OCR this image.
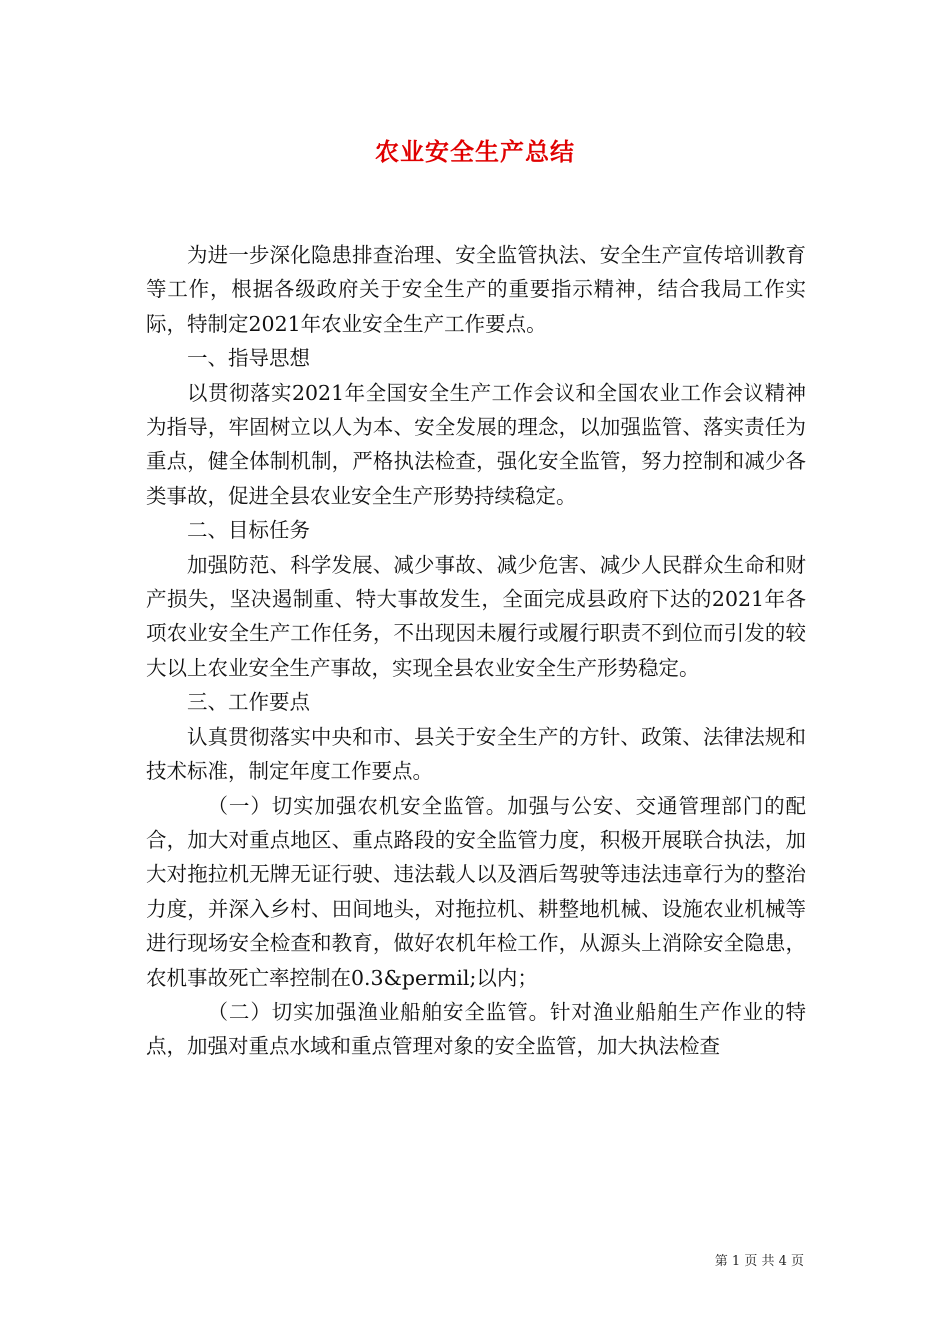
农业安全生产总结

为进一步深化隐患排查治理、安全监管执法、安全生产宣传培训教育等工作，根据各级政府关于安全生产的重要指示精神，结合我局工作实际，特制定2021年农业安全生产工作要点。

一、指导思想

以贯彻落实2021年全国安全生产工作会议和全国农业工作会议精神为指导，牢固树立以人为本、安全发展的理念，以加强监管、落实责任为重点，健全体制机制，严格执法检查，强化安全监管，努力控制和减少各类事故，促进全县农业安全生产形势持续稳定。

二、目标任务

加强防范、科学发展、减少事故、减少危害、减少人民群众生命和财产损失，坚决遏制重、特大事故发生，全面完成县政府下达的2021年各项农业安全生产工作任务，不出现因未履行或履行职责不到位而引发的较大以上农业安全生产事故，实现全县农业安全生产形势稳定。

三、工作要点

认真贯彻落实中央和市、县关于安全生产的方针、政策、法律法规和技术标准，制定年度工作要点。

（一）切实加强农机安全监管。加强与公安、交通管理部门的配合，加大对重点地区、重点路段的安全监管力度，积极开展联合执法，加大对拖拉机无牌无证行驶、违法载人以及酒后驾驶等违法违章行为的整治力度，并深入乡村、田间地头，对拖拉机、耕整地机械、设施农业机械等进行现场安全检查和教育，做好农机年检工作，从源头上消除安全隐患，农机事故死亡率控制在0.3&permil;以内；

（二）切实加强渔业船舶安全监管。针对渔业船舶生产作业的特点，加强对重点水域和重点管理对象的安全监管，加大执法检查

第 1 页 共 4 页
